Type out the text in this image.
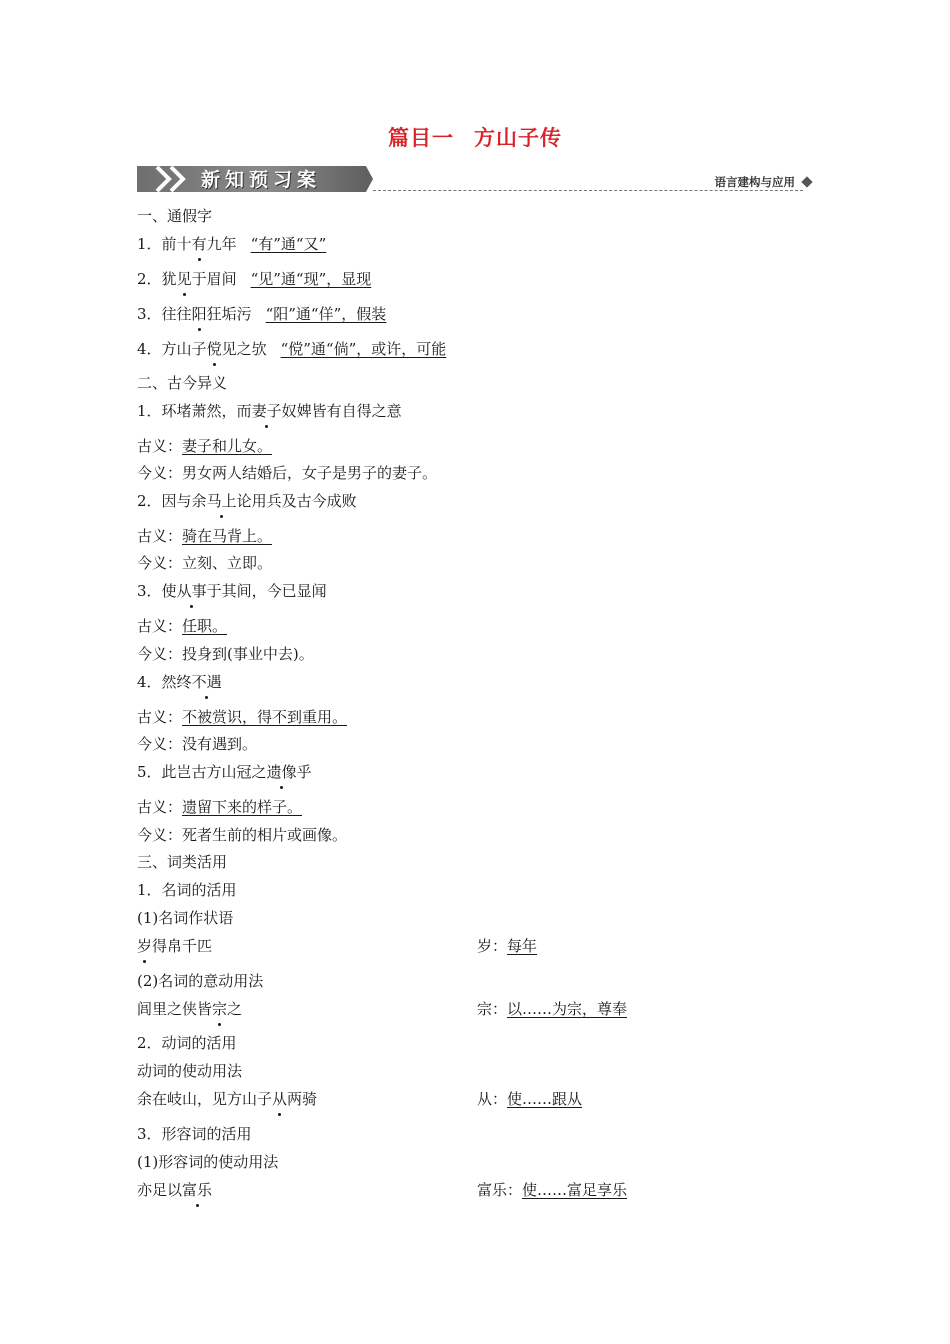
篇目一 方山子传
新知预习案	语言建构与应用
一、通假字
1．前十有九年 “有”通“又”
2．犹见于眉间 “见”通“现”，显现
3．往往阳狂垢污 “阳”通“佯”，假装
4．方山子傥见之欤 “傥”通“倘”，或许，可能
二、古今异义
1．环堵萧然，而妻子奴婢皆有自得之意
古义：妻子和儿女。
今义：男女两人结婚后，女子是男子的妻子。
2．因与余马上论用兵及古今成败
古义：骑在马背上。
今义：立刻、立即。
3．使从事于其间，今已显闻
古义：任职。
今义：投身到(事业中去)。
4．然终不遇
古义：不被赏识，得不到重用。
今义：没有遇到。
5．此岂古方山冠之遗像乎
古义：遗留下来的样子。
今义：死者生前的相片或画像。
三、词类活用
1．名词的活用
(1)名词作状语
岁得帛千匹	岁：每年
(2)名词的意动用法
闾里之侠皆宗之	宗：以……为宗，尊奉
2．动词的活用
动词的使动用法
余在岐山，见方山子从两骑	从：使……跟从
3．形容词的活用
(1)形容词的使动用法
亦足以富乐	富乐：使……富足享乐
